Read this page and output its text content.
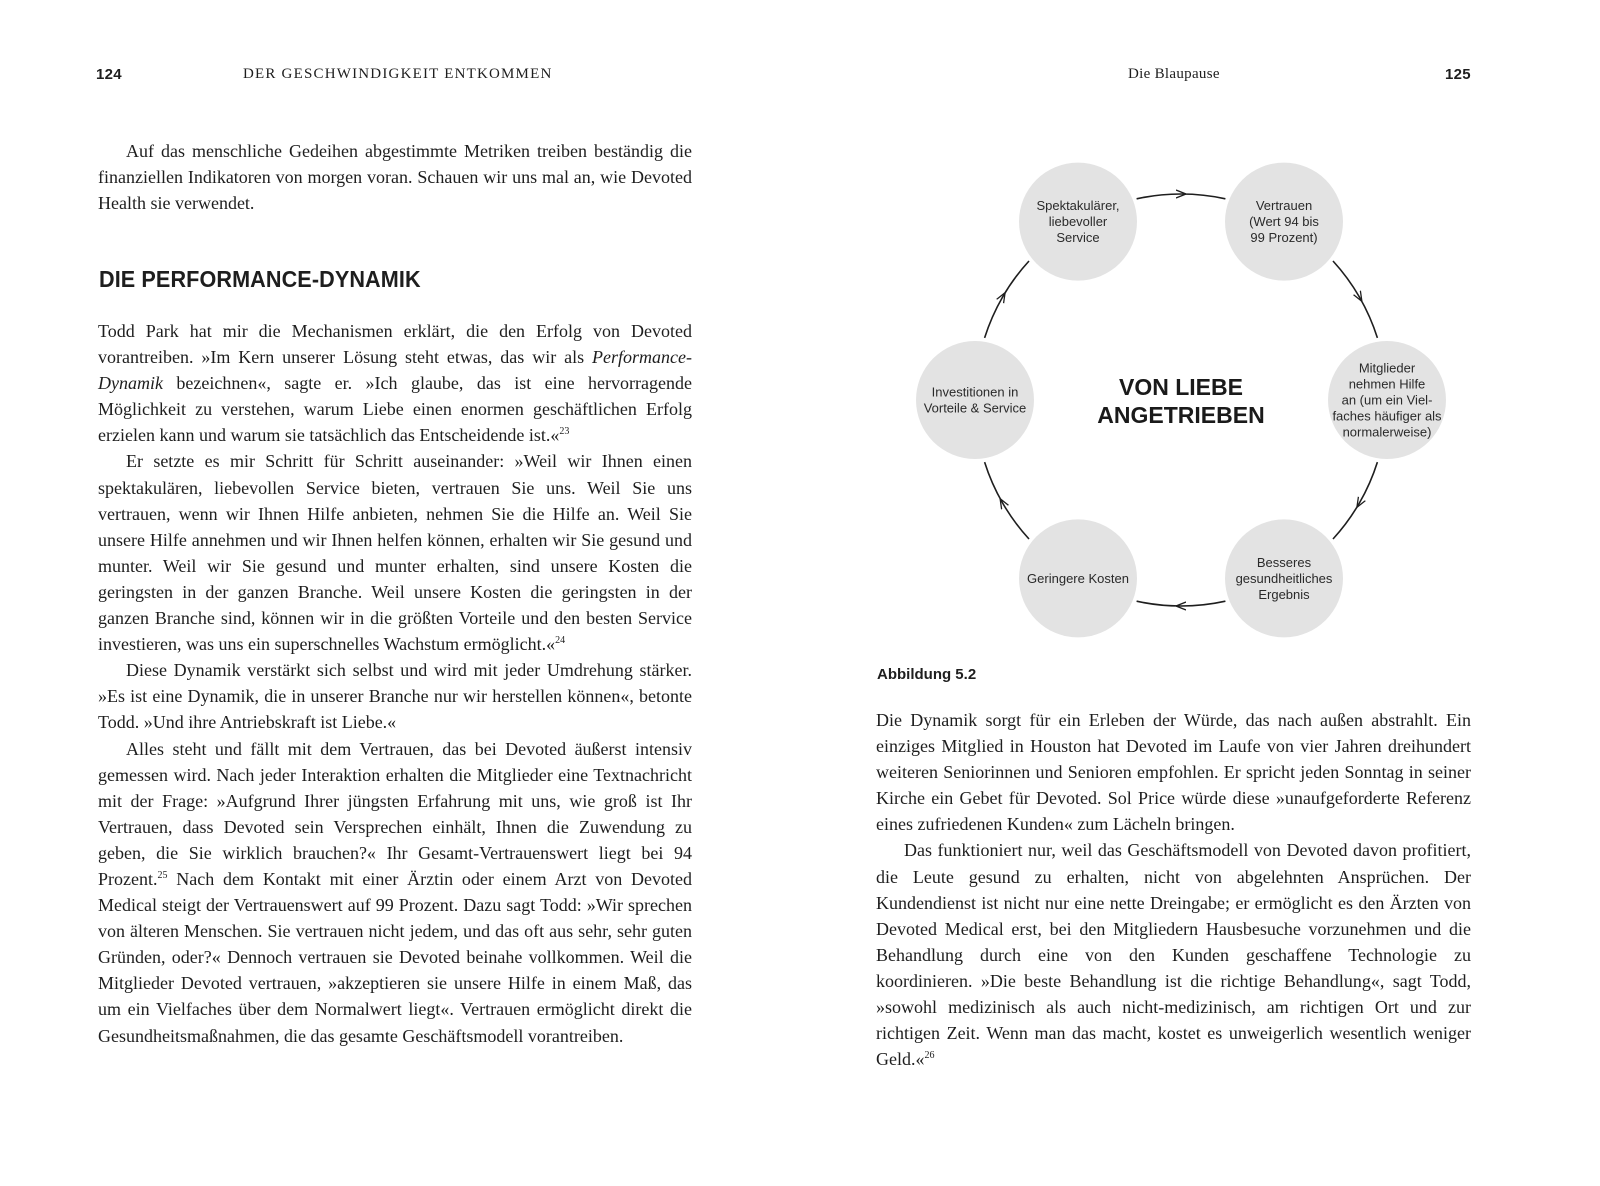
124	DER GESCHWINDIGKEIT ENTKOMMEN

Auf das menschliche Gedeihen abgestimmte Metriken treiben beständig die finanziellen Indikatoren von morgen voran. Schauen wir uns mal an, wie Devoted Health sie verwendet.

DIE PERFORMANCE-DYNAMIK

Todd Park hat mir die Mechanismen erklärt, die den Erfolg von Devoted vorantreiben. »Im Kern unserer Lösung steht etwas, das wir als Performance-Dynamik bezeichnen«, sagte er. »Ich glaube, das ist eine hervorragende Möglichkeit zu verstehen, warum Liebe einen enormen geschäftlichen Erfolg erzielen kann und warum sie tatsächlich das Entscheidende ist.«$^{23}$

Er setzte es mir Schritt für Schritt auseinander: »Weil wir Ihnen einen spektakulären, liebevollen Service bieten, vertrauen Sie uns. Weil Sie uns vertrauen, wenn wir Ihnen Hilfe anbieten, nehmen Sie die Hilfe an. Weil Sie unsere Hilfe annehmen und wir Ihnen helfen können, erhalten wir Sie gesund und munter. Weil wir Sie gesund und munter erhalten, sind unsere Kosten die geringsten in der ganzen Branche. Weil unsere Kosten die geringsten in der ganzen Branche sind, können wir in die größten Vorteile und den besten Service investieren, was uns ein superschnelles Wachstum ermöglicht.«$^{24}$

Diese Dynamik verstärkt sich selbst und wird mit jeder Umdrehung stärker. »Es ist eine Dynamik, die in unserer Branche nur wir herstellen können«, betonte Todd. »Und ihre Antriebskraft ist Liebe.«

Alles steht und fällt mit dem Vertrauen, das bei Devoted äußerst intensiv gemessen wird. Nach jeder Interaktion erhalten die Mitglieder eine Textnachricht mit der Frage: »Aufgrund Ihrer jüngsten Erfahrung mit uns, wie groß ist Ihr Vertrauen, dass Devoted sein Versprechen einhält, Ihnen die Zuwendung zu geben, die Sie wirklich brauchen?« Ihr Gesamt-Vertrauenswert liegt bei 94 Prozent.$^{25}$ Nach dem Kontakt mit einer Ärztin oder einem Arzt von Devoted Medical steigt der Vertrauenswert auf 99 Prozent. Dazu sagt Todd: »Wir sprechen von älteren Menschen. Sie vertrauen nicht jedem, und das oft aus sehr, sehr guten Gründen, oder?« Dennoch vertrauen sie Devoted beinahe vollkommen. Weil die Mitglieder Devoted vertrauen, »akzeptieren sie unsere Hilfe in einem Maß, das um ein Vielfaches über dem Normalwert liegt«. Vertrauen ermöglicht direkt die Gesundheitsmaßnahmen, die das gesamte Geschäftsmodell vorantreiben.

Die Blaupause	125
Spektakulärer,
liebevoller
Service
Vertrauen
(Wert 94 bis
99 Prozent)
Mitglieder
nehmen Hilfe
an (um ein Viel-
faches häufiger als
normalerweise)
Besseres
gesundheitliches
Ergebnis
Geringere Kosten
Investitionen in
Vorteile & Service
VON LIEBE
ANGETRIEBEN
Abbildung 5.2

Die Dynamik sorgt für ein Erleben der Würde, das nach außen abstrahlt. Ein einziges Mitglied in Houston hat Devoted im Laufe von vier Jahren dreihundert weiteren Seniorinnen und Senioren empfohlen. Er spricht jeden Sonntag in seiner Kirche ein Gebet für Devoted. Sol Price würde diese »unaufgeforderte Referenz eines zufriedenen Kunden« zum Lächeln bringen.

Das funktioniert nur, weil das Geschäftsmodell von Devoted davon profitiert, die Leute gesund zu erhalten, nicht von abgelehnten Ansprüchen. Der Kundendienst ist nicht nur eine nette Dreingabe; er ermöglicht es den Ärzten von Devoted Medical erst, bei den Mitgliedern Hausbesuche vorzunehmen und die Behandlung durch eine von den Kunden geschaffene Technologie zu koordinieren. »Die beste Behandlung ist die richtige Behandlung«, sagt Todd, »sowohl medizinisch als auch nicht-medizinisch, am richtigen Ort und zur richtigen Zeit. Wenn man das macht, kostet es unweigerlich wesentlich weniger Geld.«$^{26}$
